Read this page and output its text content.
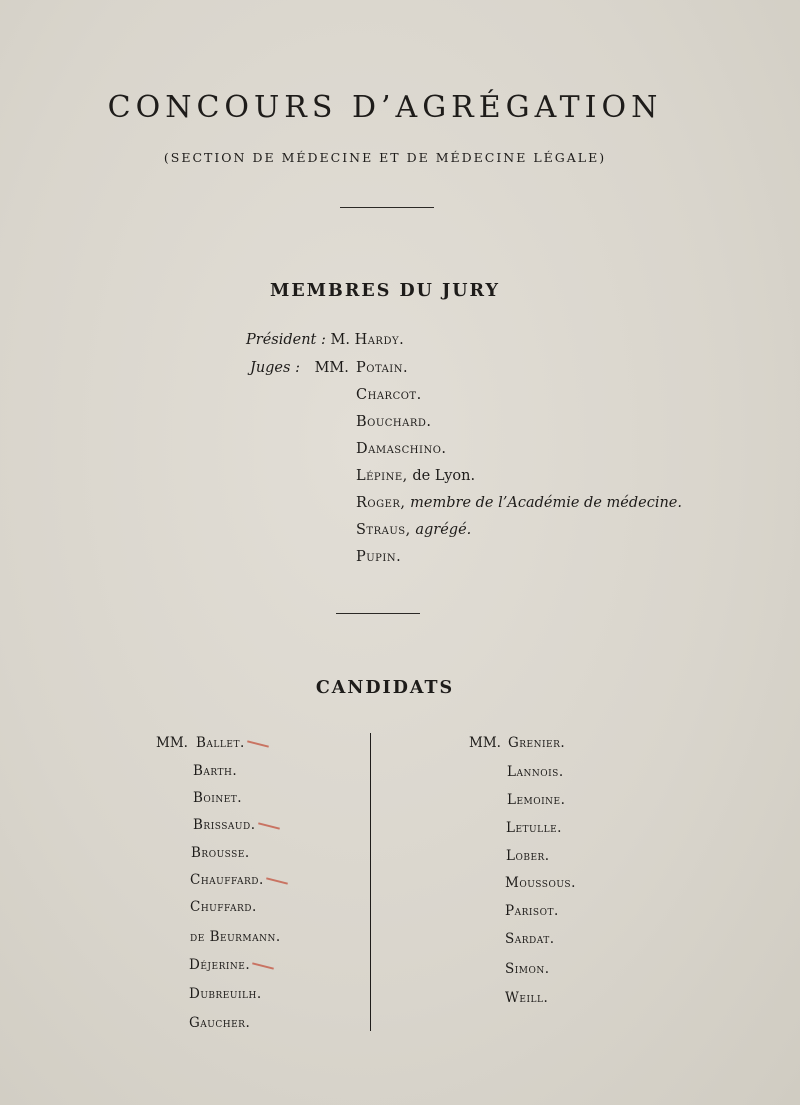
CONCOURS D’AGRÉGATION
(SECTION DE MÉDECINE ET DE MÉDECINE LÉGALE)
MEMBRES DU JURY
Président : M. Hardy.
Juges : MM. Potain.
Charcot.
Bouchard.
Damaschino.
Lépine, de Lyon.
Roger, membre de l’Académie de médecine.
Straus, agrégé.
Pupin.
CANDIDATS
MM. Ballet.
Barth.
Boinet.
Brissaud.
Brousse.
Chauffard.
Chuffard.
de Beurmann.
Déjerine.
Dubreuilh.
Gaucher.
MM. Grenier.
Lannois.
Lemoine.
Letulle.
Lober.
Moussous.
Parisot.
Sardat.
Simon.
Weill.
